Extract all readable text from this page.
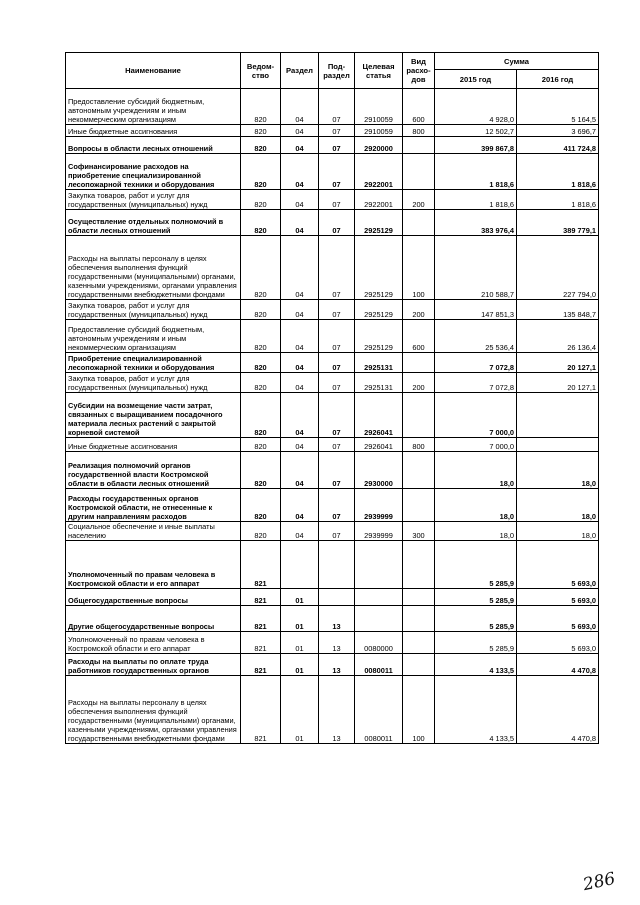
Наименование	Ведом-ство	Раздел	Под-раздел	Целевая статья	Вид расхо-дов	Сумма	
						2015 год	2016 год
Предоставление субсидий бюджетным, автономным учреждениям и иным некоммерческим организациям	820	04	07	2910059	600	4 928,0	5 164,5
Иные бюджетные ассигнования	820	04	07	2910059	800	12 502,7	3 696,7
Вопросы в области лесных отношений	820	04	07	2920000		399 867,8	411 724,8
Софинансирование расходов на приобретение специализированной лесопожарной техники и оборудования	820	04	07	2922001		1 818,6	1 818,6
Закупка товаров, работ и услуг для государственных (муниципальных) нужд	820	04	07	2922001	200	1 818,6	1 818,6
Осуществление отдельных полномочий в области лесных отношений	820	04	07	2925129		383 976,4	389 779,1
Расходы на выплаты персоналу в целях обеспечения выполнения функций государственными (муниципальными) органами, казенными учреждениями, органами управления государственными внебюджетными фондами	820	04	07	2925129	100	210 588,7	227 794,0
Закупка товаров, работ и услуг для государственных (муниципальных) нужд	820	04	07	2925129	200	147 851,3	135 848,7
Предоставление субсидий бюджетным, автономным учреждениям и иным некоммерческим организациям	820	04	07	2925129	600	25 536,4	26 136,4
Приобретение специализированной лесопожарной техники и оборудования	820	04	07	2925131		7 072,8	20 127,1
Закупка товаров, работ и услуг для государственных (муниципальных) нужд	820	04	07	2925131	200	7 072,8	20 127,1
Субсидии на возмещение части затрат, связанных с выращиванием посадочного материала лесных растений с закрытой корневой системой	820	04	07	2926041		7 000,0	
Иные бюджетные ассигнования	820	04	07	2926041	800	7 000,0	
Реализация полномочий органов государственной власти Костромской области в области лесных отношений	820	04	07	2930000		18,0	18,0
Расходы государственных органов Костромской области, не отнесенные к другим направлениям расходов	820	04	07	2939999		18,0	18,0
Социальное обеспечение и иные выплаты населению	820	04	07	2939999	300	18,0	18,0
Уполномоченный по правам человека в Костромской области и его аппарат	821					5 285,9	5 693,0
Общегосударственные вопросы	821	01				5 285,9	5 693,0
Другие общегосударственные вопросы	821	01	13			5 285,9	5 693,0
Уполномоченный по правам человека в Костромской области и его аппарат	821	01	13	0080000		5 285,9	5 693,0
Расходы на выплаты по оплате труда работников государственных органов	821	01	13	0080011		4 133,5	4 470,8
Расходы на выплаты персоналу в целях обеспечения выполнения функций государственными (муниципальными) органами, казенными учреждениями, органами управления государственными внебюджетными фондами	821	01	13	0080011	100	4 133,5	4 470,8
286
